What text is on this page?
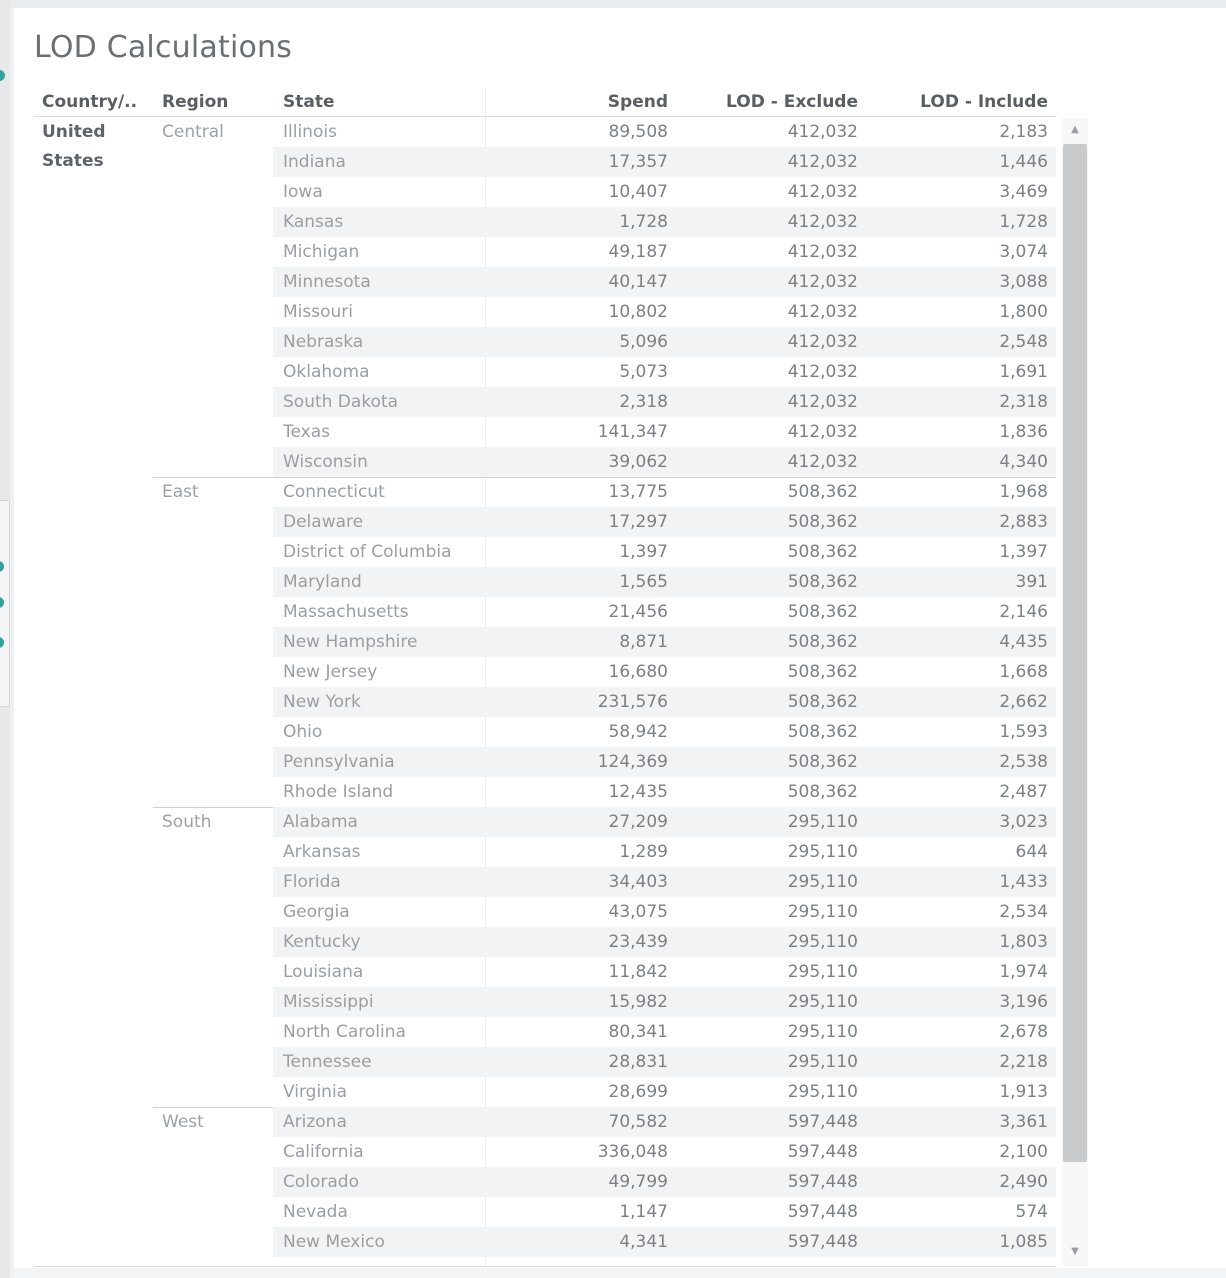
LOD Calculations
Country/..	Region	State	Spend	LOD - Exclude	LOD - Include
United States
Central	Illinois	89,508	412,032	2,183
Indiana	17,357	412,032	1,446
Iowa	10,407	412,032	3,469
Kansas	1,728	412,032	1,728
Michigan	49,187	412,032	3,074
Minnesota	40,147	412,032	3,088
Missouri	10,802	412,032	1,800
Nebraska	5,096	412,032	2,548
Oklahoma	5,073	412,032	1,691
South Dakota	2,318	412,032	2,318
Texas	141,347	412,032	1,836
Wisconsin	39,062	412,032	4,340
East	Connecticut	13,775	508,362	1,968
Delaware	17,297	508,362	2,883
District of Columbia	1,397	508,362	1,397
Maryland	1,565	508,362	391
Massachusetts	21,456	508,362	2,146
New Hampshire	8,871	508,362	4,435
New Jersey	16,680	508,362	1,668
New York	231,576	508,362	2,662
Ohio	58,942	508,362	1,593
Pennsylvania	124,369	508,362	2,538
Rhode Island	12,435	508,362	2,487
South	Alabama	27,209	295,110	3,023
Arkansas	1,289	295,110	644
Florida	34,403	295,110	1,433
Georgia	43,075	295,110	2,534
Kentucky	23,439	295,110	1,803
Louisiana	11,842	295,110	1,974
Mississippi	15,982	295,110	3,196
North Carolina	80,341	295,110	2,678
Tennessee	28,831	295,110	2,218
Virginia	28,699	295,110	1,913
West	Arizona	70,582	597,448	3,361
California	336,048	597,448	2,100
Colorado	49,799	597,448	2,490
Nevada	1,147	597,448	574
New Mexico	4,341	597,448	1,085
▲
▼
